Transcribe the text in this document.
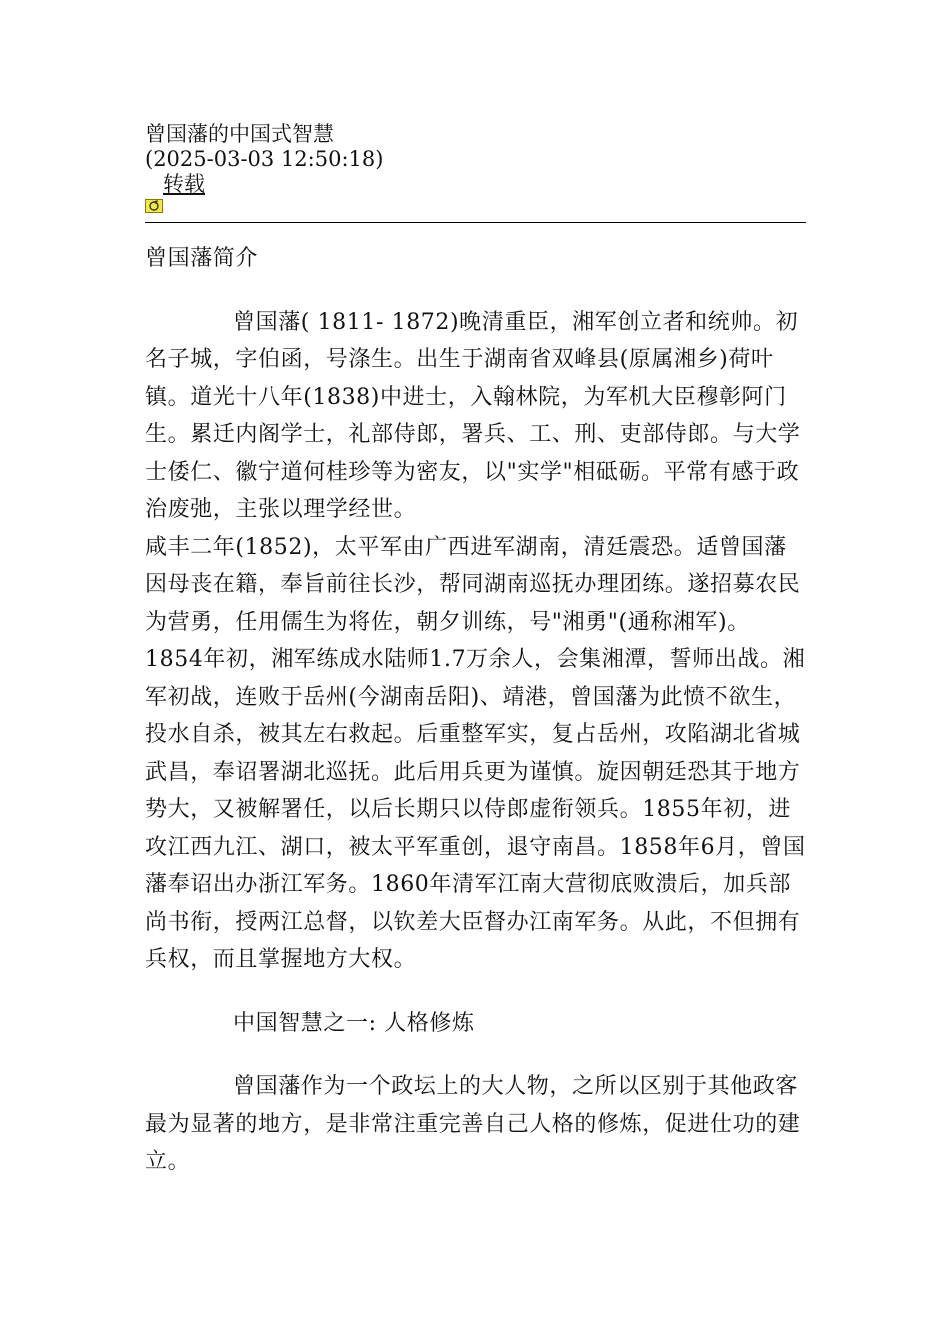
曾国藩的中国式智慧
(2025-03-03 12:50:18)
转载

曾国藩简介

曾国藩( 1811- 1872)晚清重臣，湘军创立者和统帅。初名子城，字伯函，号涤生。出生于湖南省双峰县(原属湘乡)荷叶镇。道光十八年(1838)中进士，入翰林院，为军机大臣穆彰阿门生。累迁内阁学士，礼部侍郎，署兵、工、刑、吏部侍郎。与大学士倭仁、徽宁道何桂珍等为密友，以"实学"相砥砺。平常有感于政治废弛，主张以理学经世。

咸丰二年(1852)，太平军由广西进军湖南，清廷震恐。适曾国藩因母丧在籍，奉旨前往长沙，帮同湖南巡抚办理团练。遂招募农民为营勇，任用儒生为将佐，朝夕训练，号"湘勇"(通称湘军)。1854年初，湘军练成水陆师1.7万余人，会集湘潭，誓师出战。湘军初战，连败于岳州(今湖南岳阳)、靖港，曾国藩为此愤不欲生，投水自杀，被其左右救起。后重整军实，复占岳州，攻陷湖北省城武昌，奉诏署湖北巡抚。此后用兵更为谨慎。旋因朝廷恐其于地方势大，又被解署任，以后长期只以侍郎虚衔领兵。1855年初，进攻江西九江、湖口，被太平军重创，退守南昌。1858年6月，曾国藩奉诏出办浙江军务。1860年清军江南大营彻底败溃后，加兵部尚书衔，授两江总督，以钦差大臣督办江南军务。从此，不但拥有兵权，而且掌握地方大权。

中国智慧之一: 人格修炼

曾国藩作为一个政坛上的大人物，之所以区别于其他政客最为显著的地方，是非常注重完善自己人格的修炼，促进仕功的建立。
